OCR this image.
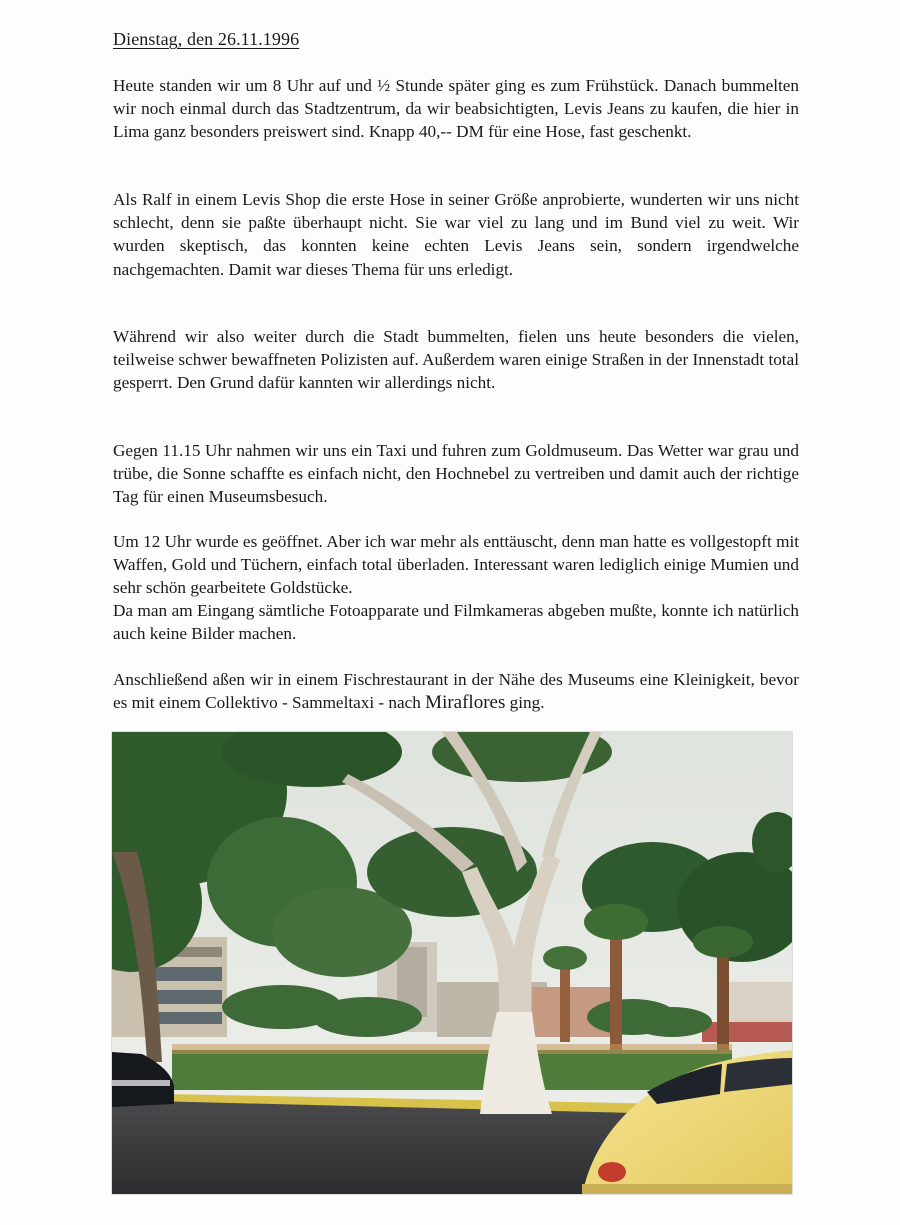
Dienstag, den 26.11.1996
Heute standen wir um 8 Uhr auf und ½ Stunde später ging es zum Frühstück. Danach bummelten wir noch einmal durch das Stadtzentrum, da wir beabsichtigten, Levis Jeans zu kaufen, die hier in Lima ganz besonders preiswert sind. Knapp 40,-- DM für eine Hose, fast geschenkt.
Als Ralf in einem Levis Shop die erste Hose in seiner Größe anprobierte, wunderten wir uns nicht schlecht, denn sie paßte überhaupt nicht. Sie war viel zu lang und im Bund viel zu weit. Wir wurden skeptisch, das konnten keine echten Levis Jeans sein, sondern irgendwelche nachgemachten. Damit war dieses Thema für uns erledigt.
Während wir also weiter durch die Stadt bummelten, fielen uns heute besonders die vielen, teilweise schwer bewaffneten Polizisten auf. Außerdem waren einige Straßen in der Innenstadt total gesperrt. Den Grund dafür kannten wir allerdings nicht.
Gegen 11.15 Uhr nahmen wir uns ein Taxi und fuhren zum Goldmuseum. Das Wetter war grau und trübe, die Sonne schaffte es einfach nicht, den Hochnebel zu vertreiben und damit auch der richtige Tag für einen Museumsbesuch.
Um 12 Uhr wurde es geöffnet. Aber ich war mehr als enttäuscht, denn man hatte es vollgestopft mit Waffen, Gold und Tüchern, einfach total überladen. Interessant waren lediglich einige Mumien und sehr schön gearbeitete Goldstücke.
Da man am Eingang sämtliche Fotoapparate und Filmkameras abgeben mußte, konnte ich natürlich auch keine Bilder machen.
Anschließend aßen wir in einem Fischrestaurant in der Nähe des Museums eine Kleinigkeit, bevor es mit einem Collektivo - Sammeltaxi - nach Miraflores ging.
